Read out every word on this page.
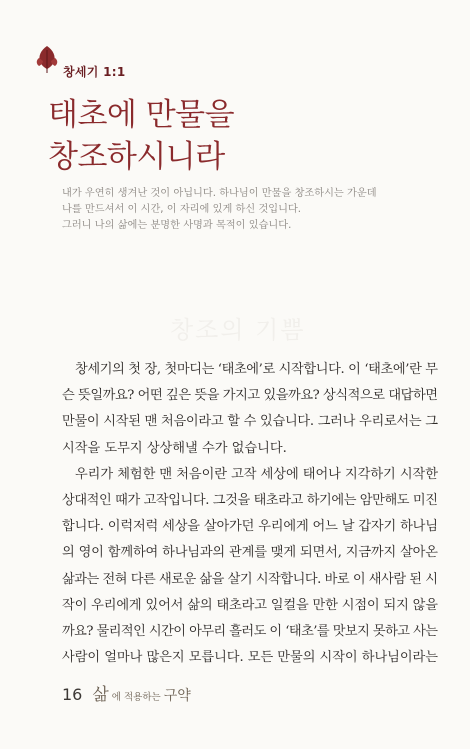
창세기 1:1
태초에 만물을
창조하시니라
내가 우연히 생겨난 것이 아닙니다. 하나님이 만물을 창조하시는 가운데
나를 만드셔서 이 시간, 이 자리에 있게 하신 것입니다.
그러니 나의 삶에는 분명한 사명과 목적이 있습니다.
창조의 기쁨
창세기의 첫 장, 첫마디는 ‘태초에’로 시작합니다. 이 ‘태초에’란 무
슨 뜻일까요? 어떤 깊은 뜻을 가지고 있을까요? 상식적으로 대답하면
만물이 시작된 맨 처음이라고 할 수 있습니다. 그러나 우리로서는 그
시작을 도무지 상상해낼 수가 없습니다.
우리가 체험한 맨 처음이란 고작 세상에 태어나 지각하기 시작한
상대적인 때가 고작입니다. 그것을 태초라고 하기에는 암만해도 미진
합니다. 이럭저럭 세상을 살아가던 우리에게 어느 날 갑자기 하나님
의 영이 함께하여 하나님과의 관계를 맺게 되면서, 지금까지 살아온
삶과는 전혀 다른 새로운 삶을 살기 시작합니다. 바로 이 새사람 된 시
작이 우리에게 있어서 삶의 태초라고 일컬을 만한 시점이 되지 않을
까요? 물리적인 시간이 아무리 흘러도 이 ‘태초’를 맛보지 못하고 사는
사람이 얼마나 많은지 모릅니다. 모든 만물의 시작이 하나님이라는
16 삶 에 적용하는 구약
